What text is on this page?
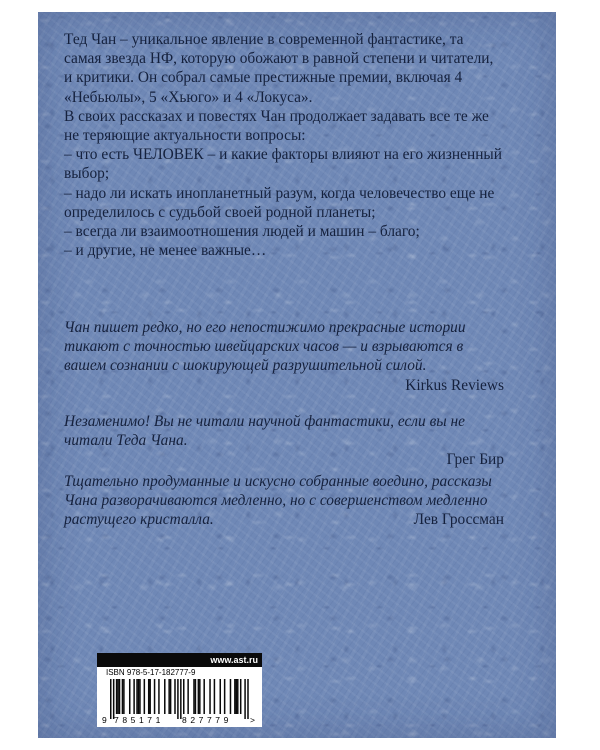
Тед Чан – уникальное явление в современной фантастике, та самая звезда НФ, которую обожают в равной степени и читатели, и критики. Он собрал самые престижные премии, включая 4 «Небьюлы», 5 «Хьюго» и 4 «Локуса».

В своих рассказах и повестях Чан продолжает задавать все те же не теряющие актуальности вопросы:

– что есть ЧЕЛОВЕК – и какие факторы влияют на его жизненный выбор;

– надо ли искать инопланетный разум, когда человечество еще не определилось с судьбой своей родной планеты;

– всегда ли взаимоотношения людей и машин – благо;

– и другие, не менее важные…

Чан пишет редко, но его непостижимо прекрасные истории тикают с точностью швейцарских часов — и взрываются в вашем сознании с шокирующей разрушительной силой.

Kirkus Reviews

Незаменимо! Вы не читали научной фантастики, если вы не читали Теда Чана.

Грег Бир

Тщательно продуманные и искусно собранные воедино, рассказы Чана разворачиваются медленно, но с совершенством медленно растущего кристалла.	Лев Гроссман

www.ast.ru
ISBN 978-5-17-182777-9
9 785171 827779 >
